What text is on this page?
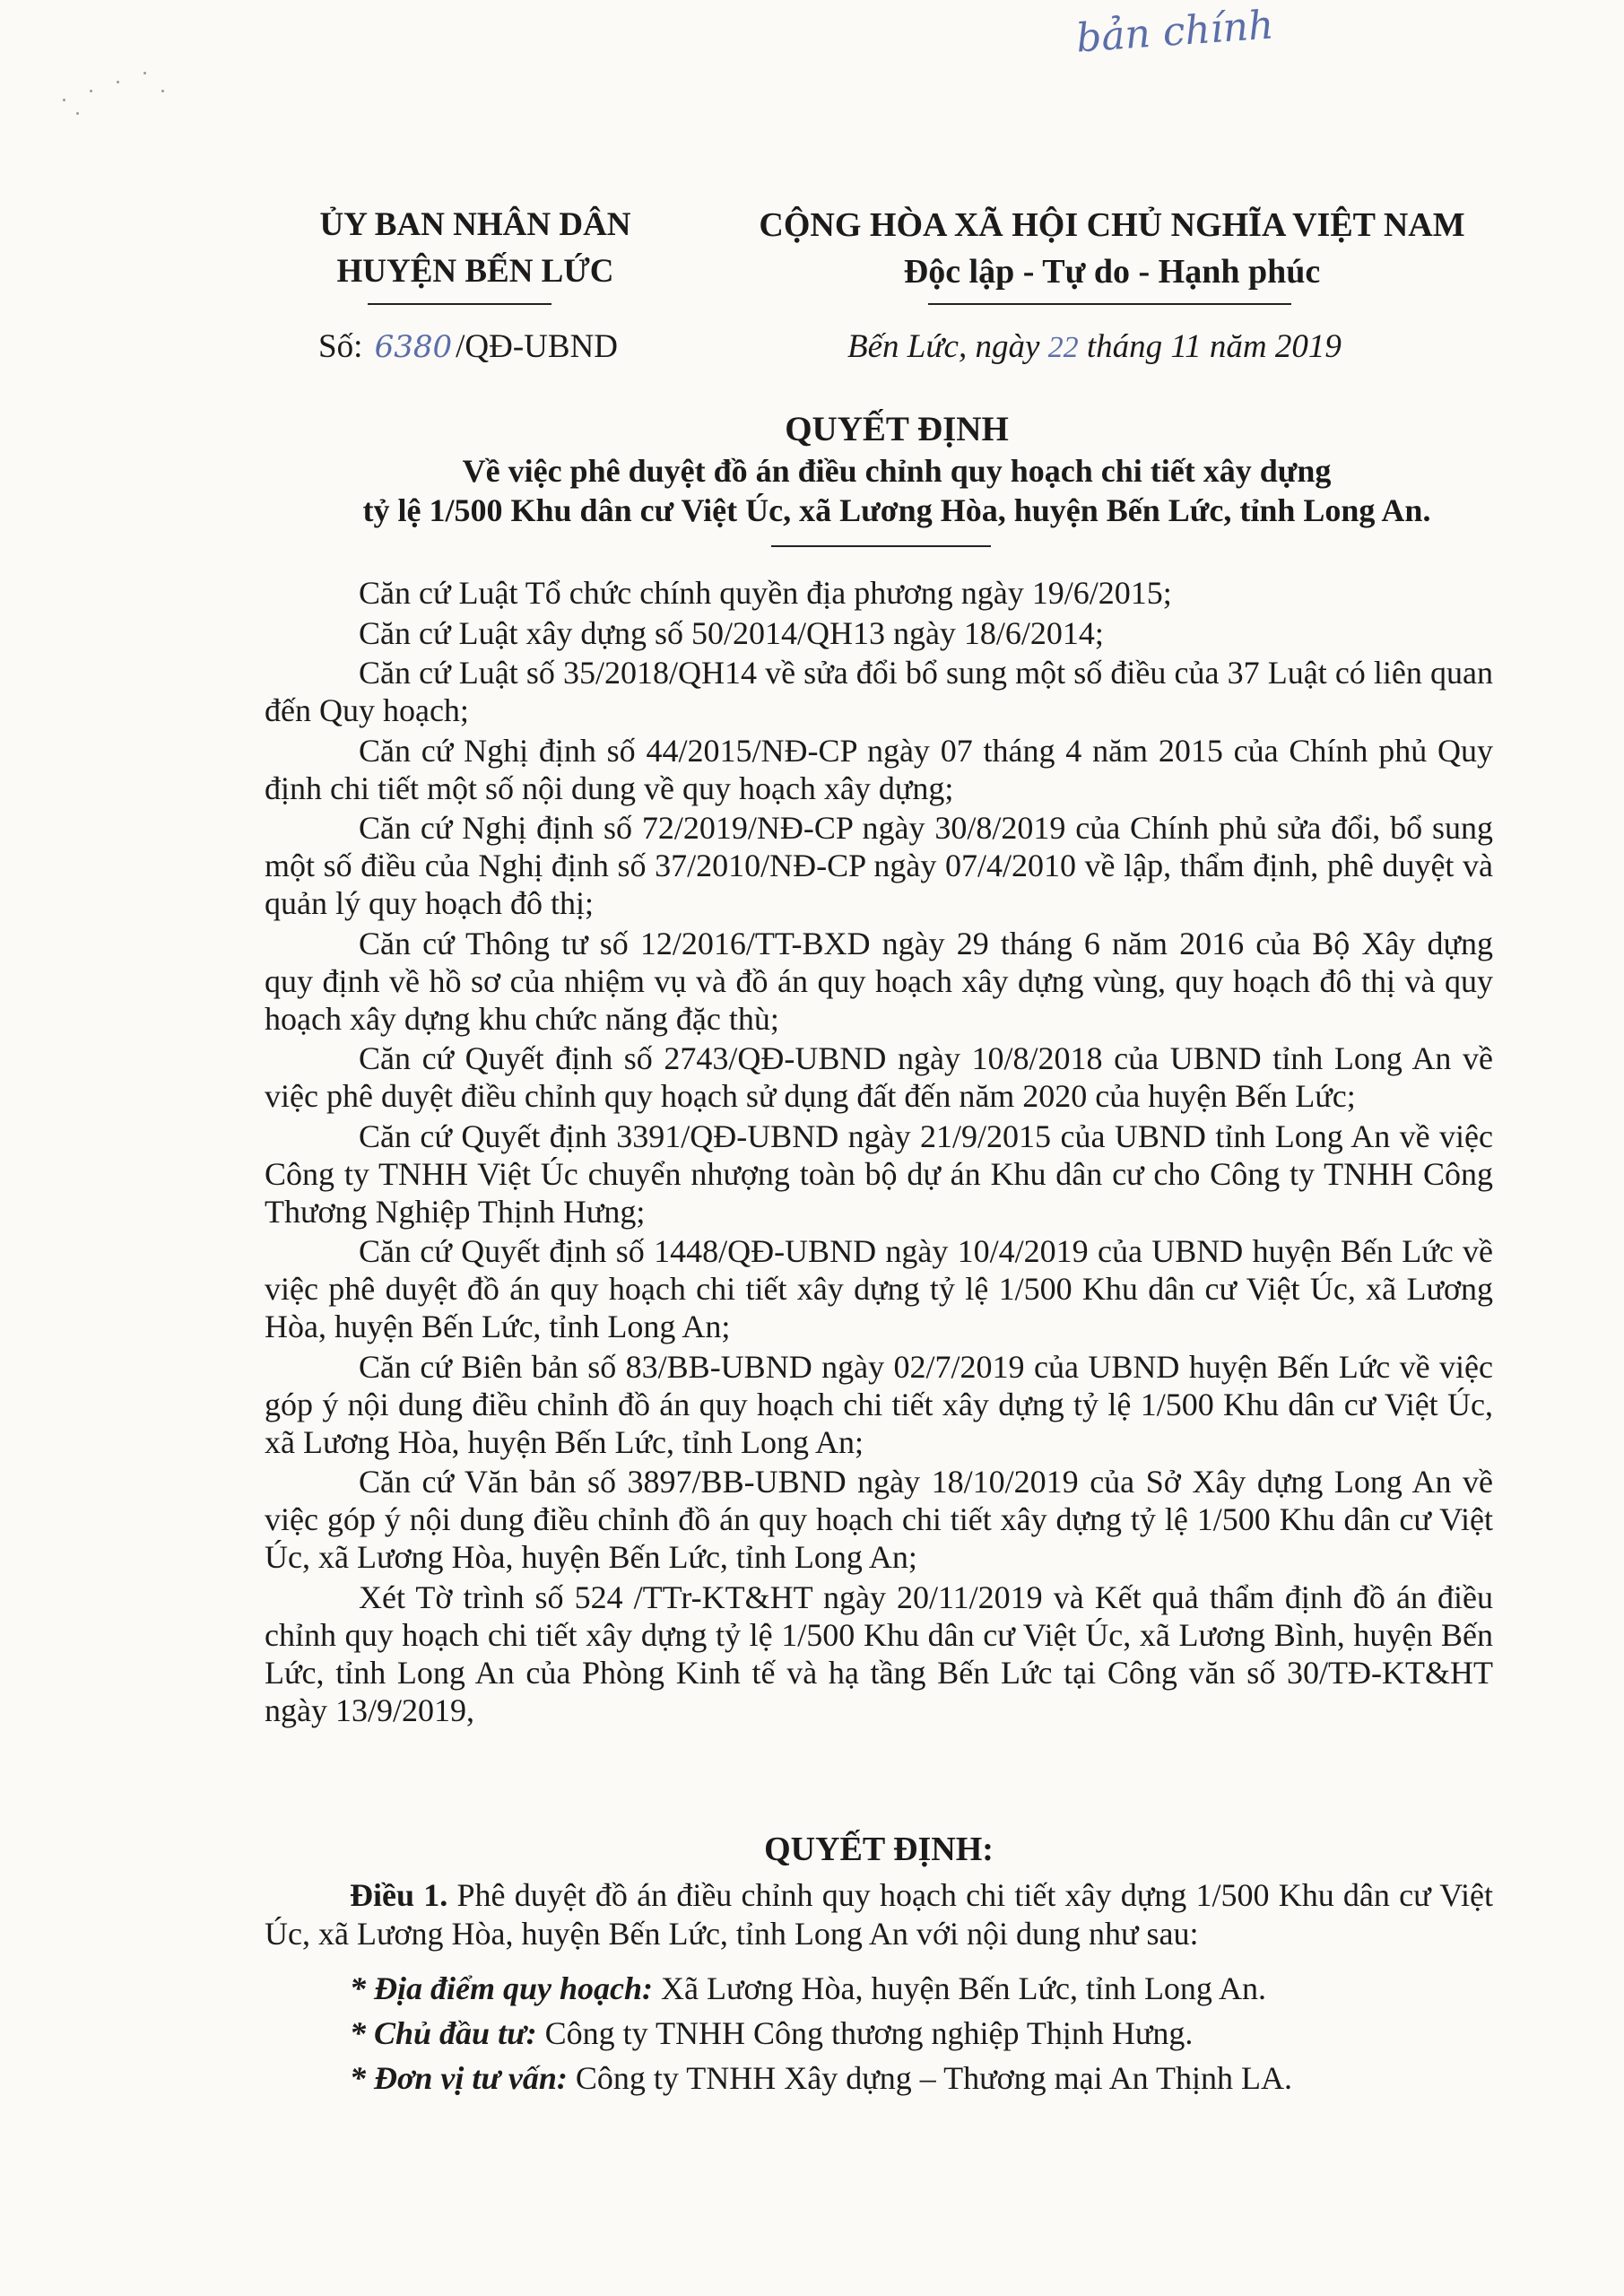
bản chính
ỦY BAN NHÂN DÂN
HUYỆN BẾN LỨC
CỘNG HÒA XÃ HỘI CHỦ NGHĨA VIỆT NAM
Độc lập - Tự do - Hạnh phúc
Số: 6380 /QĐ-UBND	Bến Lức, ngày 22 tháng 11 năm 2019
QUYẾT ĐỊNH
Về việc phê duyệt đồ án điều chỉnh quy hoạch chi tiết xây dựng
tỷ lệ 1/500 Khu dân cư Việt Úc, xã Lương Hòa, huyện Bến Lức, tỉnh Long An.

Căn cứ Luật Tổ chức chính quyền địa phương ngày 19/6/2015;

Căn cứ Luật xây dựng số 50/2014/QH13 ngày 18/6/2014;

Căn cứ Luật số 35/2018/QH14 về sửa đổi bổ sung một số điều của 37 Luật có liên quan đến Quy hoạch;

Căn cứ Nghị định số 44/2015/NĐ-CP ngày 07 tháng 4 năm 2015 của Chính phủ Quy định chi tiết một số nội dung về quy hoạch xây dựng;

Căn cứ Nghị định số 72/2019/NĐ-CP ngày 30/8/2019 của Chính phủ sửa đổi, bổ sung một số điều của Nghị định số 37/2010/NĐ-CP ngày 07/4/2010 về lập, thẩm định, phê duyệt và quản lý quy hoạch đô thị;

Căn cứ Thông tư số 12/2016/TT-BXD ngày 29 tháng 6 năm 2016 của Bộ Xây dựng quy định về hồ sơ của nhiệm vụ và đồ án quy hoạch xây dựng vùng, quy hoạch đô thị và quy hoạch xây dựng khu chức năng đặc thù;

Căn cứ Quyết định số 2743/QĐ-UBND ngày 10/8/2018 của UBND tỉnh Long An về việc phê duyệt điều chỉnh quy hoạch sử dụng đất đến năm 2020 của huyện Bến Lức;

Căn cứ Quyết định 3391/QĐ-UBND ngày 21/9/2015 của UBND tỉnh Long An về việc Công ty TNHH Việt Úc chuyển nhượng toàn bộ dự án Khu dân cư cho Công ty TNHH Công Thương Nghiệp Thịnh Hưng;

Căn cứ Quyết định số 1448/QĐ-UBND ngày 10/4/2019 của UBND huyện Bến Lức về việc phê duyệt đồ án quy hoạch chi tiết xây dựng tỷ lệ 1/500 Khu dân cư Việt Úc, xã Lương Hòa, huyện Bến Lức, tỉnh Long An;

Căn cứ Biên bản số 83/BB-UBND ngày 02/7/2019 của UBND huyện Bến Lức về việc góp ý nội dung điều chỉnh đồ án quy hoạch chi tiết xây dựng tỷ lệ 1/500 Khu dân cư Việt Úc, xã Lương Hòa, huyện Bến Lức, tỉnh Long An;

Căn cứ Văn bản số 3897/BB-UBND ngày 18/10/2019 của Sở Xây dựng Long An về việc góp ý nội dung điều chỉnh đồ án quy hoạch chi tiết xây dựng tỷ lệ 1/500 Khu dân cư Việt Úc, xã Lương Hòa, huyện Bến Lức, tỉnh Long An;

Xét Tờ trình số 524 /TTr-KT&HT ngày 20/11/2019 và Kết quả thẩm định đồ án điều chỉnh quy hoạch chi tiết xây dựng tỷ lệ 1/500 Khu dân cư Việt Úc, xã Lương Bình, huyện Bến Lức, tỉnh Long An của Phòng Kinh tế và hạ tầng Bến Lức tại Công văn số 30/TĐ-KT&HT ngày 13/9/2019,

QUYẾT ĐỊNH:

Điều 1. Phê duyệt đồ án điều chỉnh quy hoạch chi tiết xây dựng 1/500 Khu dân cư Việt Úc, xã Lương Hòa, huyện Bến Lức, tỉnh Long An với nội dung như sau:

* Địa điểm quy hoạch: Xã Lương Hòa, huyện Bến Lức, tỉnh Long An.
* Chủ đầu tư: Công ty TNHH Công thương nghiệp Thịnh Hưng.
* Đơn vị tư vấn: Công ty TNHH Xây dựng – Thương mại An Thịnh LA.
